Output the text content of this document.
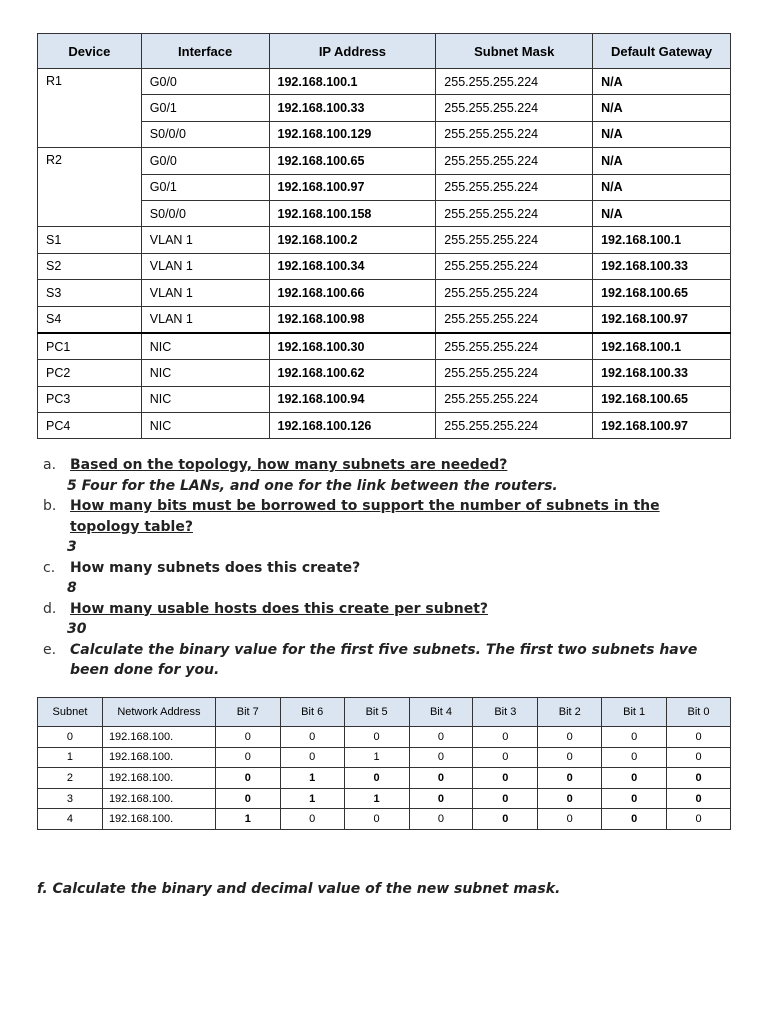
Device	Interface	IP Address	Subnet Mask	Default Gateway
R1	G0/0	192.168.100.1	255.255.255.224	N/A
	G0/1	192.168.100.33	255.255.255.224	N/A
	S0/0/0	192.168.100.129	255.255.255.224	N/A
R2	G0/0	192.168.100.65	255.255.255.224	N/A
	G0/1	192.168.100.97	255.255.255.224	N/A
	S0/0/0	192.168.100.158	255.255.255.224	N/A
S1	VLAN 1	192.168.100.2	255.255.255.224	192.168.100.1
S2	VLAN 1	192.168.100.34	255.255.255.224	192.168.100.33
S3	VLAN 1	192.168.100.66	255.255.255.224	192.168.100.65
S4	VLAN 1	192.168.100.98	255.255.255.224	192.168.100.97
PC1	NIC	192.168.100.30	255.255.255.224	192.168.100.1
PC2	NIC	192.168.100.62	255.255.255.224	192.168.100.33
PC3	NIC	192.168.100.94	255.255.255.224	192.168.100.65
PC4	NIC	192.168.100.126	255.255.255.224	192.168.100.97
a. Based on the topology, how many subnets are needed?
5 Four for the LANs, and one for the link between the routers.
b. How many bits must be borrowed to support the number of subnets in the topology table?
3
c.	How many subnets does this create?
8
d. How many usable hosts does this create per subnet?
30
e. Calculate the binary value for the first five subnets. The first two subnets have been done for you.
Subnet	Network Address	Bit 7	Bit 6	Bit 5	Bit 4	Bit 3	Bit 2	Bit 1	Bit 0
0	192.168.100.	0	0	0	0	0	0	0	0
1	192.168.100.	0	0	1	0	0	0	0	0
2	192.168.100.	0	1	0	0	0	0	0	0
3	192.168.100.	0	1	1	0	0	0	0	0
4	192.168.100.	1	0	0	0	0	0	0	0
f. Calculate the binary and decimal value of the new subnet mask.
